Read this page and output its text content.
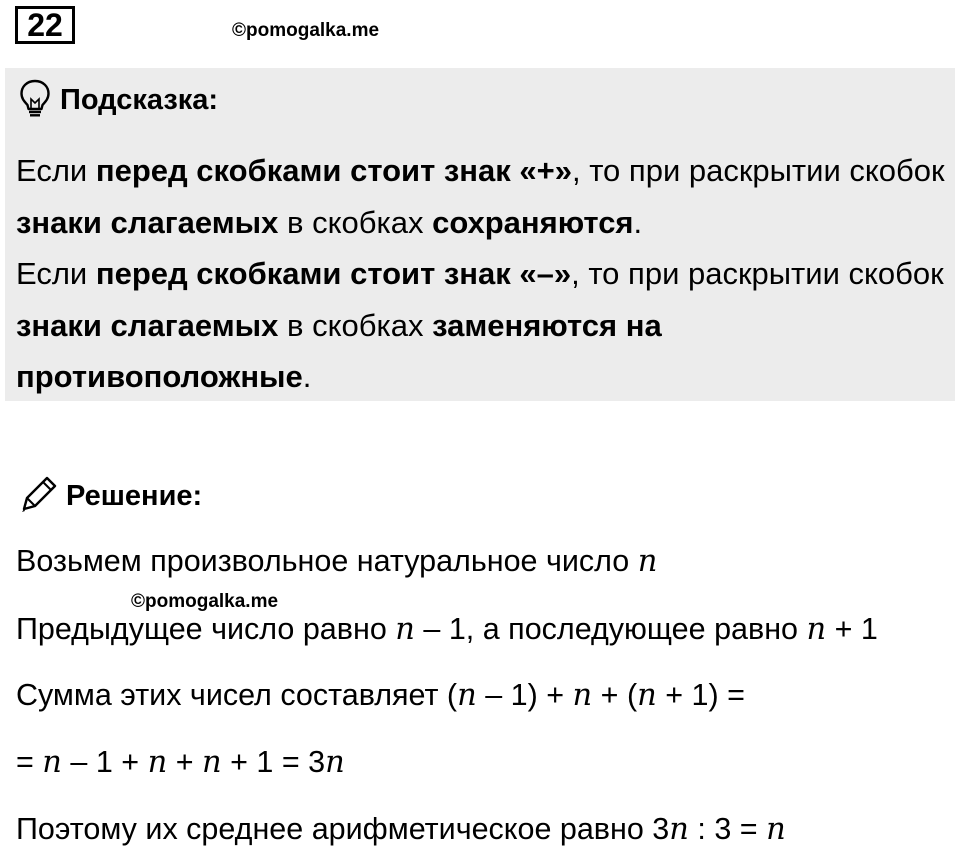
22	©pomogalka.me
Подсказка:

Если перед скобками стоит знак «+», то при раскрытии скобок знаки слагаемых в скобках сохраняются.

Если перед скобками стоит знак «–», то при раскрытии скобок знаки слагаемых в скобках заменяются на противоположные.

Решение:
Возьмем произвольное натуральное число n
©pomogalka.me
Предыдущее число равно n – 1, а последующее равно n + 1
Сумма этих чисел составляет (n – 1) + n + (n + 1) =
= n – 1 + n + n + 1 = 3n
Поэтому их среднее арифметическое равно 3n : 3 = n
